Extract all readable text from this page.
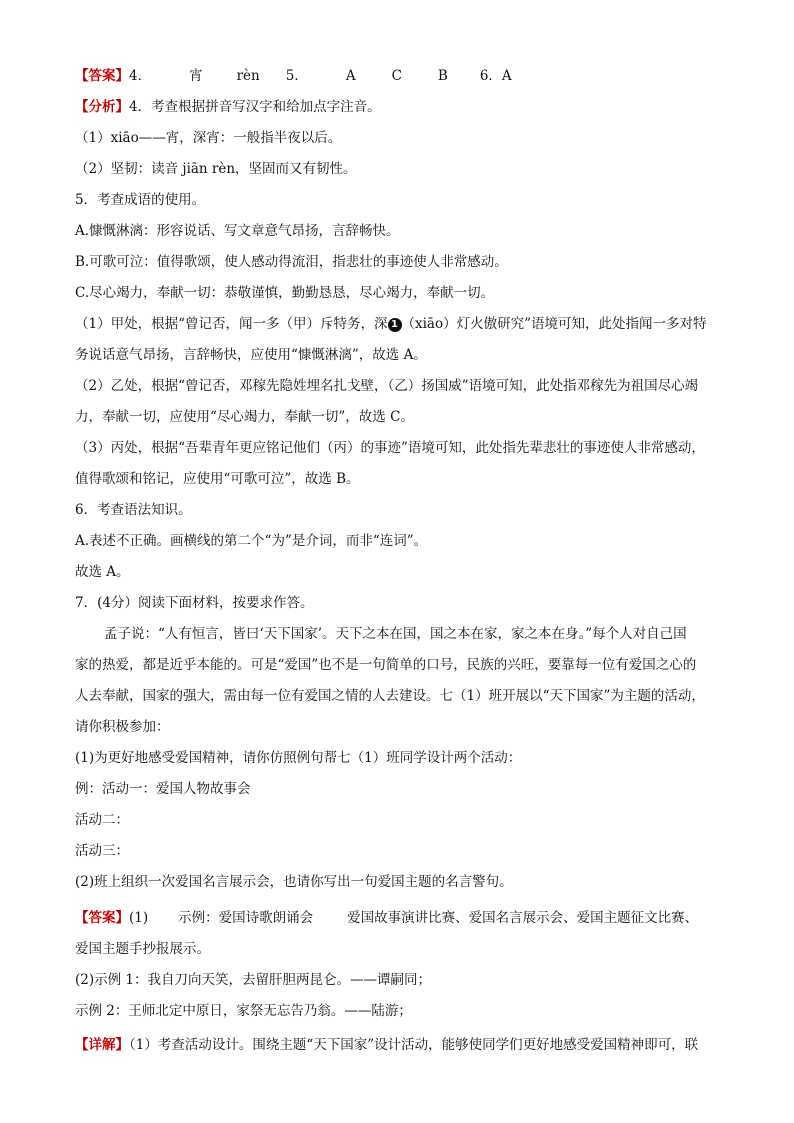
【答案】4．	宵	rèn 5．	A	C	B 6．A
【分析】4．考查根据拼音写汉字和给加点字注音。
（1）xiāo——宵，深宵：一般指半夜以后。
（2）坚韧：读音 jiān rèn，坚固而又有韧性。
5．考查成语的使用。
A.慷慨淋漓：形容说话、写文章意气昂扬，言辞畅快。
B.可歌可泣：值得歌颂，使人感动得流泪，指悲壮的事迹使人非常感动。
C.尽心竭力，奉献一切：恭敬谨慎，勤勤恳恳，尽心竭力，奉献一切。
（1）甲处，根据“曾记否，闻一多（甲）斥特务，深 1 （xiāo）灯火傲研究”语境可知，此处指闻一多对特
务说话意气昂扬，言辞畅快，应使用“慷慨淋漓”，故选 A。
（2）乙处，根据“曾记否，邓稼先隐姓埋名扎戈壁，（乙）扬国威”语境可知，此处指邓稼先为祖国尽心竭
力，奉献一切，应使用“尽心竭力，奉献一切”，故选 C。
（3）丙处，根据“吾辈青年更应铭记他们（丙）的事迹”语境可知，此处指先辈悲壮的事迹使人非常感动，
值得歌颂和铭记，应使用“可歌可泣”，故选 B。
6．考查语法知识。
A.表述不正确。画横线的第二个“为”是介词，而非“连词”。
故选 A。
7．(4分）阅读下面材料，按要求作答。
孟子说：“人有恒言，皆曰‘天下国家’。天下之本在国，国之本在家，家之本在身。”每个人对自己国
家的热爱，都是近乎本能的。可是“爱国”也不是一句简单的口号，民族的兴旺，要靠每一位有爱国之心的
人去奉献，国家的强大，需由每一位有爱国之情的人去建设。七（1）班开展以“天下国家”为主题的活动，
请你积极参加：
(1)为更好地感受爱国精神，请你仿照例句帮七（1）班同学设计两个活动：
例：活动一：爱国人物故事会
活动二：
活动三：
(2)班上组织一次爱国名言展示会，也请你写出一句爱国主题的名言警句。
【答案】(1) 示例：爱国诗歌朗诵会	爱国故事演讲比赛、爱国名言展示会、爱国主题征文比赛、
爱国主题手抄报展示。
(2)示例 1：我自刀向天笑，去留肝胆两昆仑。——谭嗣同；
示例 2：王师北定中原日，家祭无忘告乃翁。——陆游；
【详解】（1）考查活动设计。围绕主题“天下国家”设计活动，能够使同学们更好地感受爱国精神即可，联
